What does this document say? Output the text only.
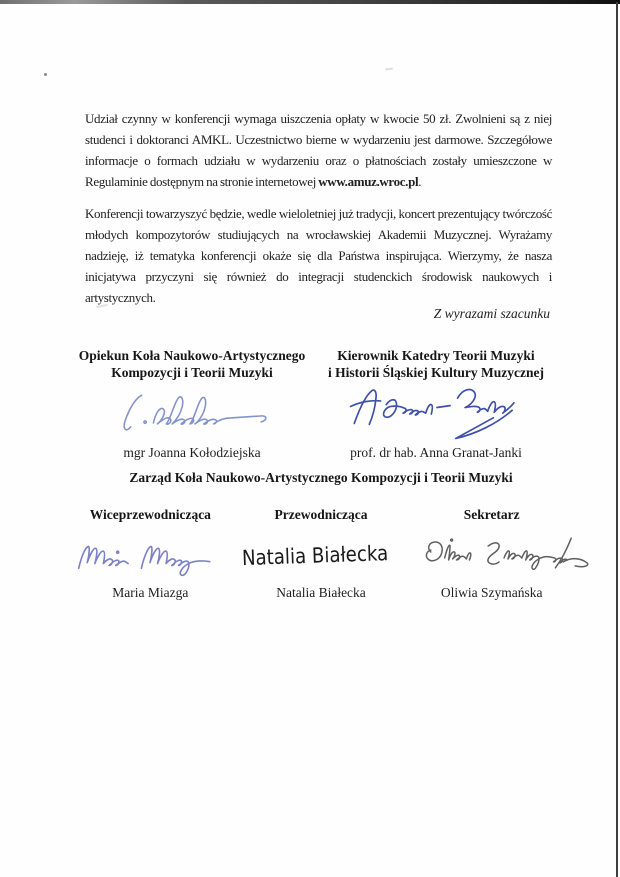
Udział czynny w konferencji wymaga uiszczenia opłaty w kwocie 50 zł. Zwolnieni są z niej studenci i doktoranci AMKL. Uczestnictwo bierne w wydarzeniu jest darmowe. Szczegółowe informacje o formach udziału w wydarzeniu oraz o płatnościach zostały umieszczone w Regulaminie dostępnym na stronie internetowej www.amuz.wroc.pl.

Konferencji towarzyszyć będzie, wedle wieloletniej już tradycji, koncert prezentujący twórczość młodych kompozytorów studiujących na wrocławskiej Akademii Muzycznej. Wyrażamy nadzieję, iż tematyka konferencji okaże się dla Państwa inspirująca. Wierzymy, że nasza inicjatywa przyczyni się również do integracji studenckich środowisk naukowych i artystycznych.

Z wyrazami szacunku
Opiekun Koła Naukowo-Artystycznego
Kompozycji i Teorii Muzyki
mgr Joanna Kołodziejska
Kierownik Katedry Teorii Muzyki
i Historii Śląskiej Kultury Muzycznej
prof. dr hab. Anna Granat-Janki
Zarząd Koła Naukowo-Artystycznego Kompozycji i Teorii Muzyki
Wiceprzewodnicząca	Przewodnicząca	Sekretarz
Natalia Białecka
Maria Miazga	Natalia Białecka	Oliwia Szymańska
